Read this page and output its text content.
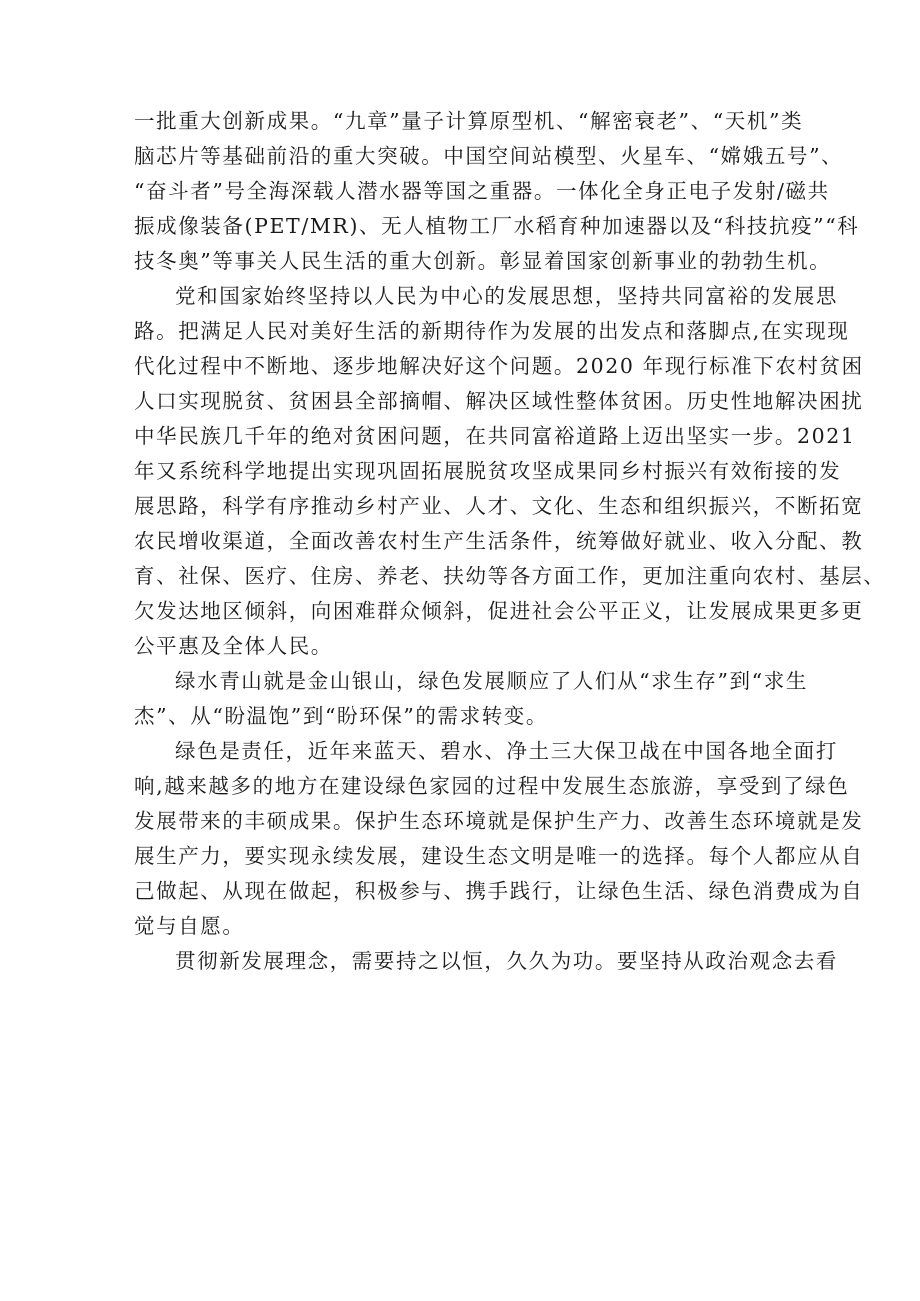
一批重大创新成果。“九章”量子计算原型机、“解密衰老”、“天机”类
脑芯片等基础前沿的重大突破。中国空间站模型、火星车、“嫦娥五号”、
“奋斗者”号全海深载人潜水器等国之重器。一体化全身正电子发射/磁共
振成像装备(PET/MR)、无人植物工厂水稻育种加速器以及“科技抗疫”“科
技冬奥”等事关人民生活的重大创新。彰显着国家创新事业的勃勃生机。
党和国家始终坚持以人民为中心的发展思想，坚持共同富裕的发展思
路。把满足人民对美好生活的新期待作为发展的出发点和落脚点,在实现现
代化过程中不断地、逐步地解决好这个问题。2020 年现行标准下农村贫困
人口实现脱贫、贫困县全部摘帽、解决区域性整体贫困。历史性地解决困扰
中华民族几千年的绝对贫困问题，在共同富裕道路上迈出坚实一步。2021
年又系统科学地提出实现巩固拓展脱贫攻坚成果同乡村振兴有效衔接的发
展思路，科学有序推动乡村产业、人才、文化、生态和组织振兴，不断拓宽
农民增收渠道，全面改善农村生产生活条件，统筹做好就业、收入分配、教
育、社保、医疗、住房、养老、扶幼等各方面工作，更加注重向农村、基层、
欠发达地区倾斜，向困难群众倾斜，促进社会公平正义，让发展成果更多更
公平惠及全体人民。
绿水青山就是金山银山，绿色发展顺应了人们从“求生存”到“求生
杰”、从“盼温饱”到“盼环保”的需求转变。
绿色是责任，近年来蓝天、碧水、净土三大保卫战在中国各地全面打
响,越来越多的地方在建设绿色家园的过程中发展生态旅游，享受到了绿色
发展带来的丰硕成果。保护生态环境就是保护生产力、改善生态环境就是发
展生产力，要实现永续发展，建设生态文明是唯一的选择。每个人都应从自
己做起、从现在做起，积极参与、携手践行，让绿色生活、绿色消费成为自
觉与自愿。
贯彻新发展理念，需要持之以恒，久久为功。要坚持从政治观念去看
